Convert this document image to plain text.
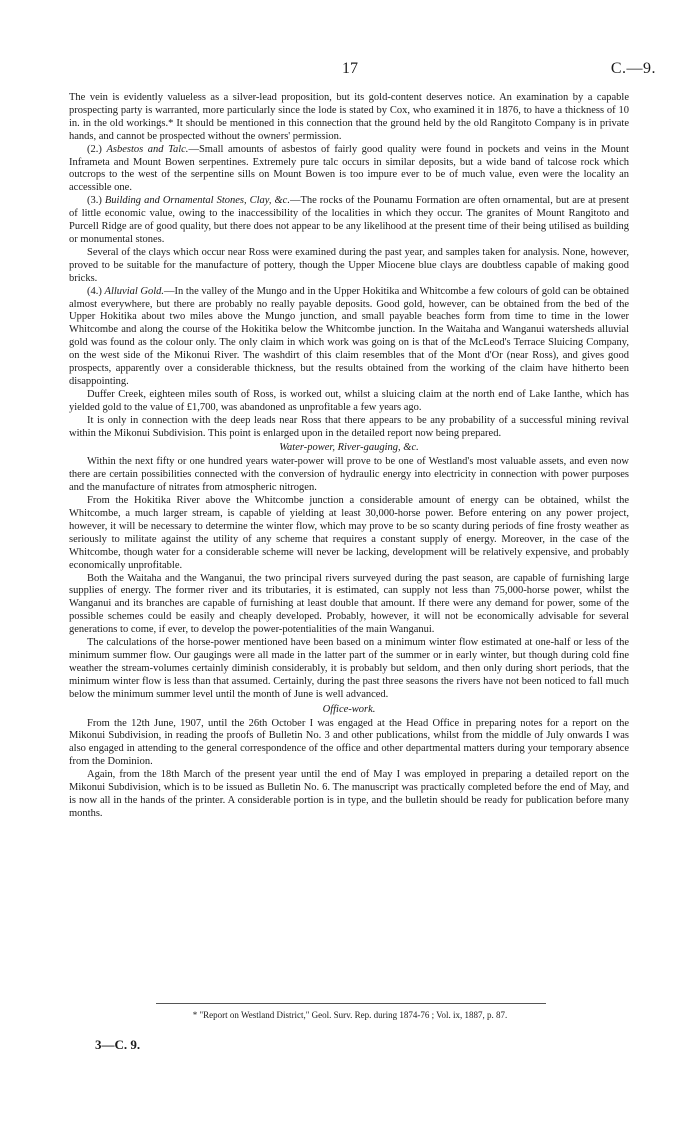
17	C.—9.

The vein is evidently valueless as a silver-lead proposition, but its gold-content deserves notice. An examination by a capable prospecting party is warranted, more particularly since the lode is stated by Cox, who examined it in 1876, to have a thickness of 10 in. in the old workings.* It should be mentioned in this connection that the ground held by the old Rangitoto Company is in private hands, and cannot be prospected without the owners' permission.

(2.) Asbestos and Talc.—Small amounts of asbestos of fairly good quality were found in pockets and veins in the Mount Inframeta and Mount Bowen serpentines. Extremely pure talc occurs in similar deposits, but a wide band of talcose rock which outcrops to the west of the serpentine sills on Mount Bowen is too impure ever to be of much value, even were the locality an accessible one.

(3.) Building and Ornamental Stones, Clay, &c.—The rocks of the Pounamu Formation are often ornamental, but are at present of little economic value, owing to the inaccessibility of the localities in which they occur. The granites of Mount Rangitoto and Purcell Ridge are of good quality, but there does not appear to be any likelihood at the present time of their being utilised as building or monumental stones.

Several of the clays which occur near Ross were examined during the past year, and samples taken for analysis. None, however, proved to be suitable for the manufacture of pottery, though the Upper Miocene blue clays are doubtless capable of making good bricks.

(4.) Alluvial Gold.—In the valley of the Mungo and in the Upper Hokitika and Whitcombe a few colours of gold can be obtained almost everywhere, but there are probably no really payable deposits. Good gold, however, can be obtained from the bed of the Upper Hokitika about two miles above the Mungo junction, and small payable beaches form from time to time in the lower Whitcombe and along the course of the Hokitika below the Whitcombe junction. In the Waitaha and Wanganui watersheds alluvial gold was found as the colour only. The only claim in which work was going on is that of the McLeod's Terrace Sluicing Company, on the west side of the Mikonui River. The washdirt of this claim resembles that of the Mont d'Or (near Ross), and gives good prospects, apparently over a considerable thickness, but the results obtained from the working of the claim have hitherto been disappointing.

Duffer Creek, eighteen miles south of Ross, is worked out, whilst a sluicing claim at the north end of Lake Ianthe, which has yielded gold to the value of £1,700, was abandoned as unprofitable a few years ago.

It is only in connection with the deep leads near Ross that there appears to be any probability of a successful mining revival within the Mikonui Subdivision. This point is enlarged upon in the detailed report now being prepared.

Water-power, River-gauging, &c.

Within the next fifty or one hundred years water-power will prove to be one of Westland's most valuable assets, and even now there are certain possibilities connected with the conversion of hydraulic energy into electricity in connection with power purposes and the manufacture of nitrates from atmospheric nitrogen.

From the Hokitika River above the Whitcombe junction a considerable amount of energy can be obtained, whilst the Whitcombe, a much larger stream, is capable of yielding at least 30,000-horse power. Before entering on any power project, however, it will be necessary to determine the winter flow, which may prove to be so scanty during periods of fine frosty weather as seriously to militate against the utility of any scheme that requires a constant supply of energy. Moreover, in the case of the Whitcombe, though water for a considerable scheme will never be lacking, development will be relatively expensive, and probably economically unprofitable.

Both the Waitaha and the Wanganui, the two principal rivers surveyed during the past season, are capable of furnishing large supplies of energy. The former river and its tributaries, it is estimated, can supply not less than 75,000-horse power, whilst the Wanganui and its branches are capable of furnishing at least double that amount. If there were any demand for power, some of the possible schemes could be easily and cheaply developed. Probably, however, it will not be economically advisable for several generations to come, if ever, to develop the power-potentialities of the main Wanganui.

The calculations of the horse-power mentioned have been based on a minimum winter flow estimated at one-half or less of the minimum summer flow. Our gaugings were all made in the latter part of the summer or in early winter, but though during cold fine weather the stream-volumes certainly diminish considerably, it is probably but seldom, and then only during short periods, that the minimum winter flow is less than that assumed. Certainly, during the past three seasons the rivers have not been noticed to fall much below the minimum summer level until the month of June is well advanced.

Office-work.

From the 12th June, 1907, until the 26th October I was engaged at the Head Office in preparing notes for a report on the Mikonui Subdivision, in reading the proofs of Bulletin No. 3 and other publications, whilst from the middle of July onwards I was also engaged in attending to the general correspondence of the office and other departmental matters during your temporary absence from the Dominion.

Again, from the 18th March of the present year until the end of May I was employed in preparing a detailed report on the Mikonui Subdivision, which is to be issued as Bulletin No. 6. The manuscript was practically completed before the end of May, and is now all in the hands of the printer. A considerable portion is in type, and the bulletin should be ready for publication before many months.

* "Report on Westland District," Geol. Surv. Rep. during 1874-76 ; Vol. ix, 1887, p. 87.
3—C. 9.
